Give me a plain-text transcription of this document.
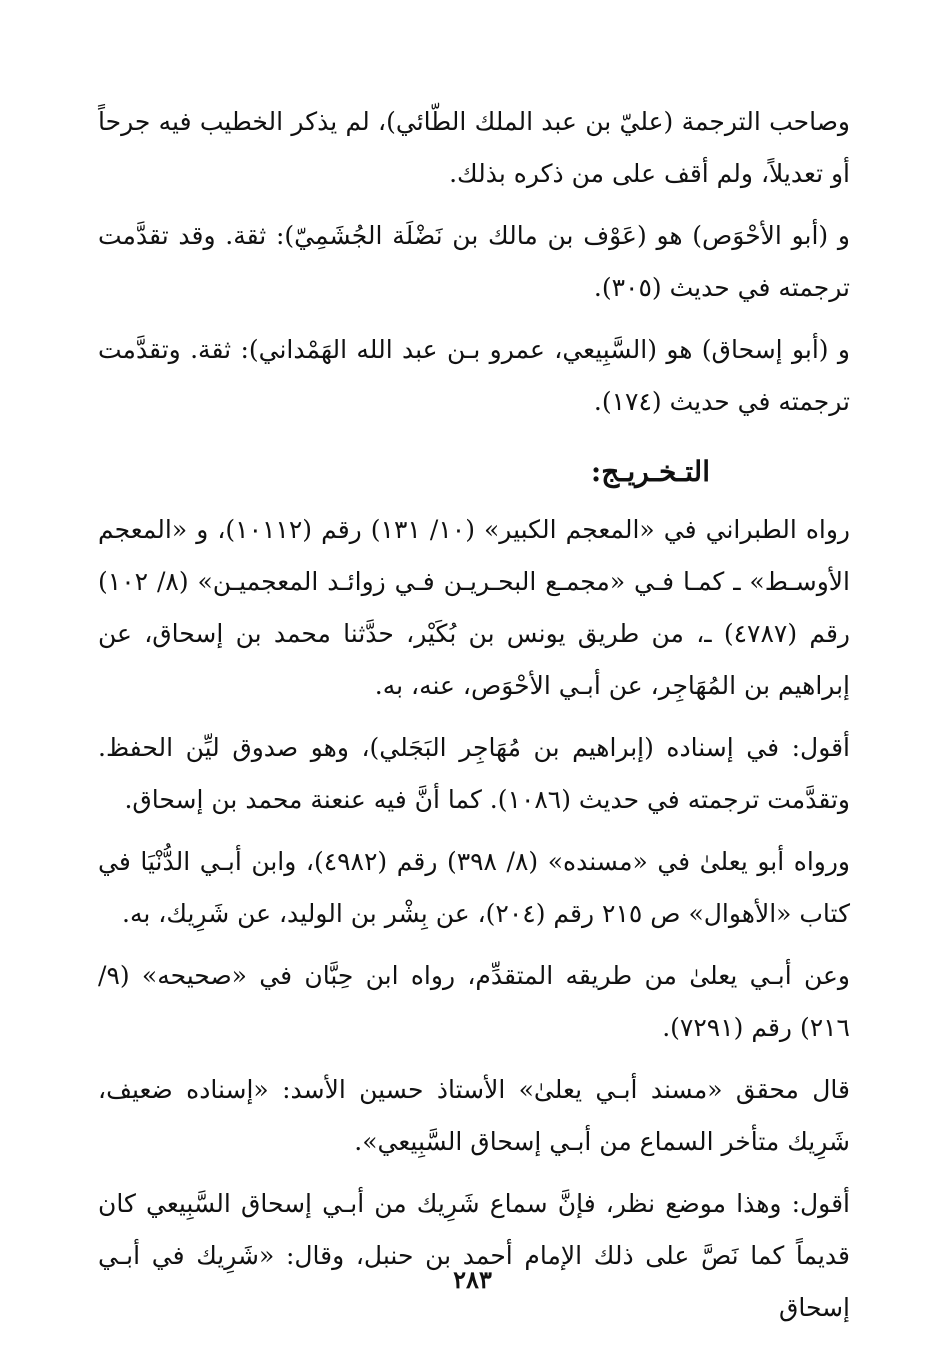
وصاحب الترجمة (عليّ بن عبد الملك الطّائي)، لم يذكر الخطيب فيه جرحاً أو تعديلاً، ولم أقف على من ذكره بذلك.

و (أبو الأحْوَص) هو (عَوْف بن مالك بن نَضْلَة الجُشَمِيّ): ثقة. وقد تقدَّمت ترجمته في حديث (٣٠٥).

و (أبو إسحاق) هو (السَّبِيعي، عمرو بـن عبد الله الهَمْداني): ثقة. وتقدَّمت ترجمته في حديث (١٧٤).

التـخـريـج:

رواه الطبراني في «المعجم الكبير» (١٠/ ١٣١) رقم (١٠١١٢)، و «المعجم الأوسـط» ـ كمـا فـي «مجمـع البحـريـن فـي زوائـد المعجميـن» (٨/ ١٠٢) رقم (٤٧٨٧) ـ، من طريق يونس بن بُكَيْر، حدَّثنا محمد بن إسحاق، عن إبراهيم بن المُهَاجِر، عن أبـي الأحْوَص، عنه، به.

أقول: في إسناده (إبراهيم بن مُهَاجِر البَجَلي)، وهو صدوق ليِّن الحفظ. وتقدَّمت ترجمته في حديث (١٠٨٦). كما أنَّ فيه عنعنة محمد بن إسحاق.

ورواه أبو يعلىٰ في «مسنده» (٨/ ٣٩٨) رقم (٤٩٨٢)، وابن أبـي الدُّنْيَا في كتاب «الأهوال» ص ٢١٥ رقم (٢٠٤)، عن بِشْر بن الوليد، عن شَرِيك، به.

وعن أبـي يعلىٰ من طريقه المتقدِّم، رواه ابن حِبَّان في «صحيحه» (٩/ ٢١٦) رقم (٧٢٩١).

قال محقق «مسند أبـي يعلىٰ» الأستاذ حسين الأسد: «إسناده ضعيف، شَرِيك متأخر السماع من أبـي إسحاق السَّبِيعي».

أقول: وهذا موضع نظر، فإنَّ سماع شَرِيك من أبـي إسحاق السَّبِيعي كان قديماً كما نَصَّ على ذلك الإمام أحمد بن حنبل، وقال: «شَرِيك في أبـي إسحاق

٢٨٣
